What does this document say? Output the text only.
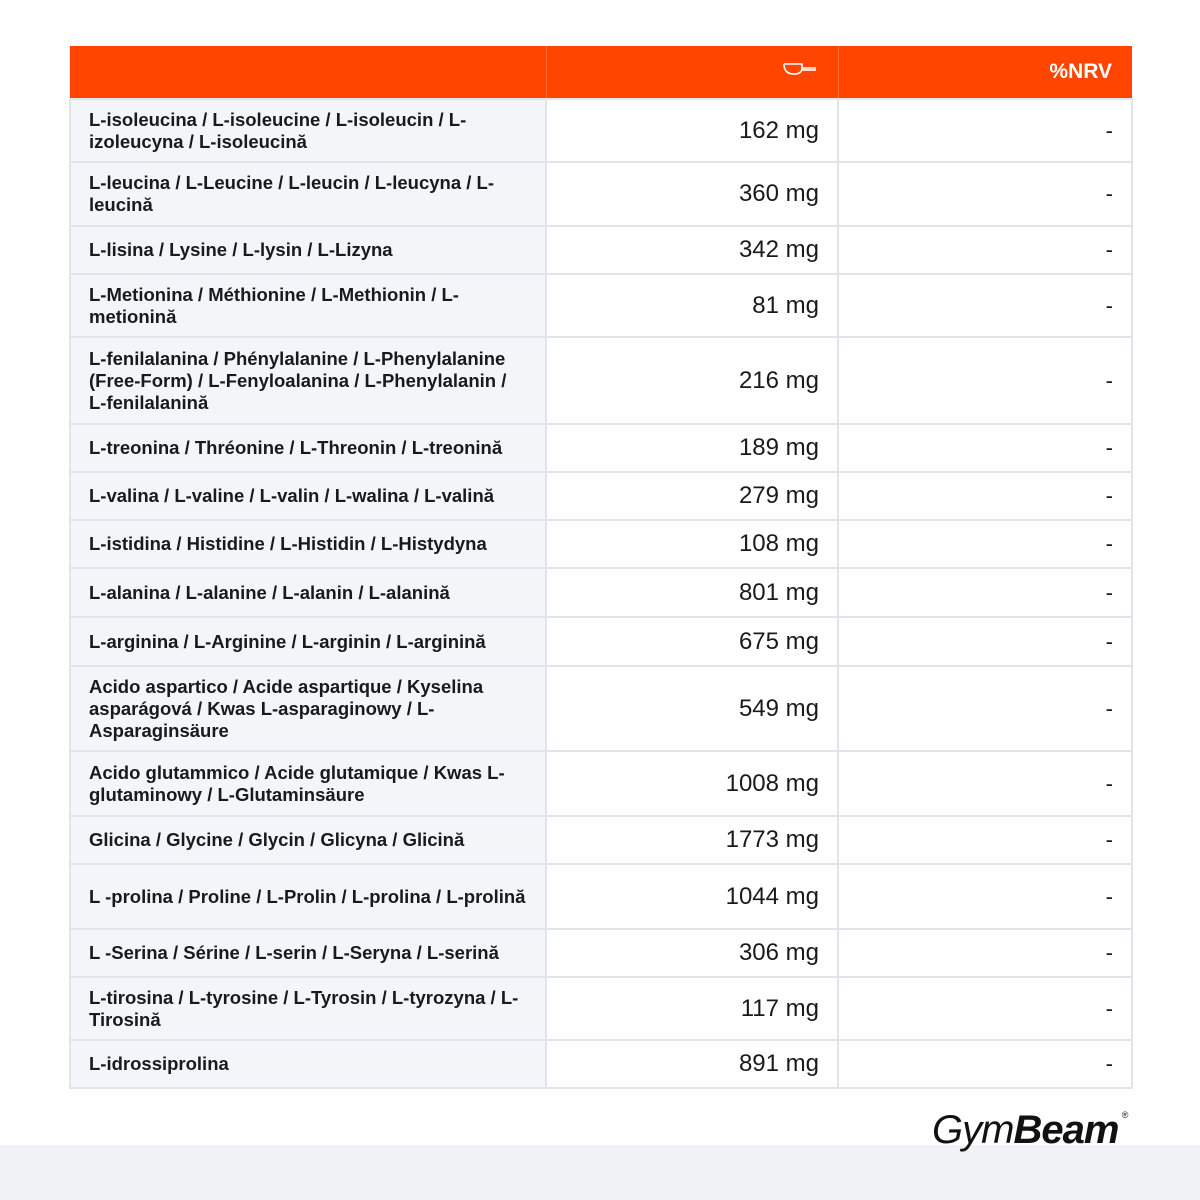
		%NRV
L-isoleucina / L-isoleucine / L-isoleucin / L-izoleucyna / L-isoleucină	162 mg	-
L-leucina / L-Leucine / L-leucin / L-leucyna / L-leucină	360 mg	-
L-lisina / Lysine / L-lysin / L-Lizyna	342 mg	-
L-Metionina / Méthionine / L-Methionin / L-metionină	81 mg	-
L-fenilalanina / Phénylalanine / L-Phenylalanine (Free-Form) / L-Fenyloalanina / L-Phenylalanin / L-fenilalanină	216 mg	-
L-treonina / Thréonine / L-Threonin / L-treonină	189 mg	-
L-valina / L-valine / L-valin / L-walina / L-valină	279 mg	-
L-istidina / Histidine / L-Histidin / L-Histydyna	108 mg	-
L-alanina / L-alanine / L-alanin / L-alanină	801 mg	-
L-arginina / L-Arginine / L-arginin / L-arginină	675 mg	-
Acido aspartico / Acide aspartique / Kyselina asparágová / Kwas L-asparaginowy / L-Asparaginsäure	549 mg	-
Acido glutammico / Acide glutamique / Kwas L-glutaminowy / L-Glutaminsäure	1008 mg	-
Glicina / Glycine / Glycin / Glicyna / Glicină	1773 mg	-
L -prolina / Proline / L-Prolin / L-prolina / L-prolină	1044 mg	-
L -Serina / Sérine / L-serin / L-Seryna / L-serină	306 mg	-
L-tirosina / L-tyrosine / L-Tyrosin / L-tyrozyna / L-Tirosină	117 mg	-
L-idrossiprolina	891 mg	-
GymBeam ®
